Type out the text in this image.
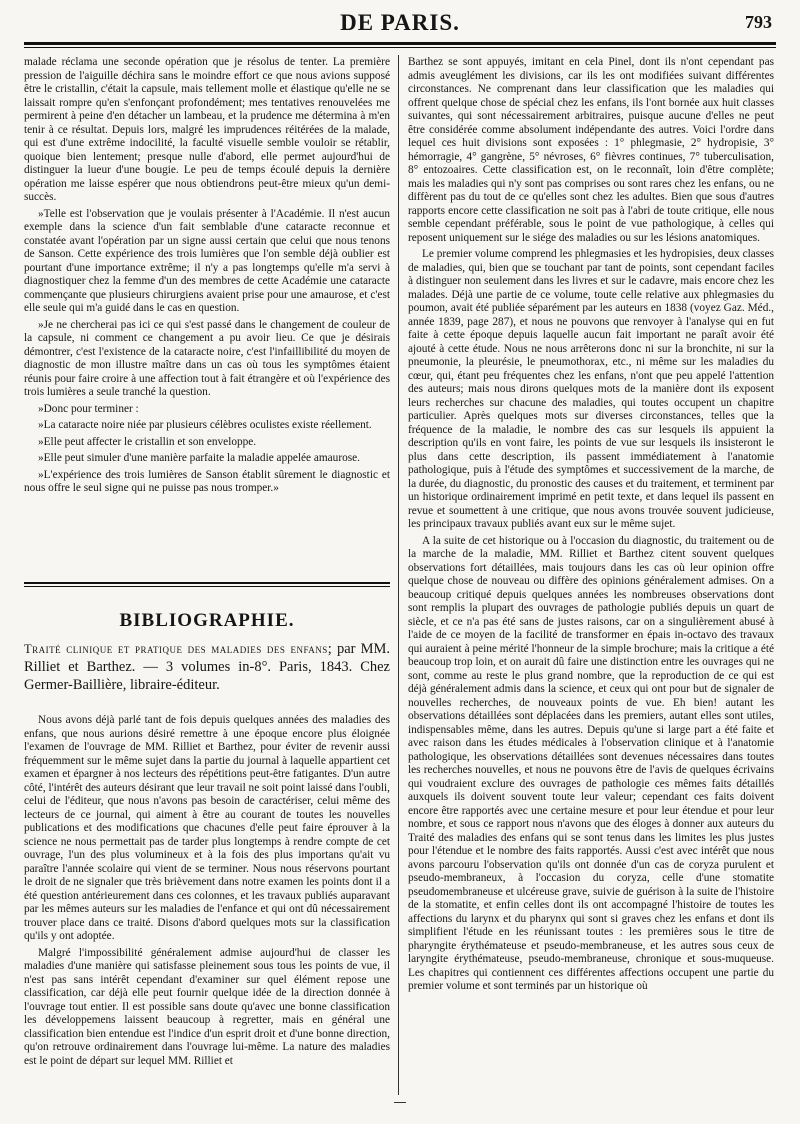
DE PARIS.	793

malade réclama une seconde opération que je résolus de tenter. La première pression de l'aiguille déchira sans le moindre effort ce que nous avions supposé être le cristallin, c'était la capsule, mais tellement molle et élastique qu'elle ne se laissait rompre qu'en s'enfonçant profondément; mes tentatives renouvelées me permirent à peine d'en détacher un lambeau, et la prudence me détermina à m'en tenir à ce résultat. Depuis lors, malgré les imprudences réitérées de la malade, qui est d'une extrême indocilité, la faculté visuelle semble vouloir se rétablir, quoique bien lentement; presque nulle d'abord, elle permet aujourd'hui de distinguer la lueur d'une bougie. Le peu de temps écoulé depuis la dernière opération me laisse espérer que nous obtiendrons peut-être mieux qu'un demi-succès.

»Telle est l'observation que je voulais présenter à l'Académie. Il n'est aucun exemple dans la science d'un fait semblable d'une cataracte reconnue et constatée avant l'opération par un signe aussi certain que celui que nous tenons de Sanson. Cette expérience des trois lumières que l'on semble déjà oublier est pourtant d'une importance extrême; il n'y a pas longtemps qu'elle m'a servi à diagnostiquer chez la femme d'un des membres de cette Académie une cataracte commençante que plusieurs chirurgiens avaient prise pour une amaurose, et c'est elle seule qui m'a guidé dans le cas en question.

»Je ne chercherai pas ici ce qui s'est passé dans le changement de couleur de la capsule, ni comment ce changement a pu avoir lieu. Ce que je désirais démontrer, c'est l'existence de la cataracte noire, c'est l'infaillibilité du moyen de diagnostic de mon illustre maître dans un cas où tous les symptômes étaient réunis pour faire croire à une affection tout à fait étrangère et où l'expérience des trois lumières a seule tranché la question.

»Donc pour terminer :

»La cataracte noire niée par plusieurs célèbres oculistes existe réellement.

»Elle peut affecter le cristallin et son enveloppe.

»Elle peut simuler d'une manière parfaite la maladie appelée amaurose.

»L'expérience des trois lumières de Sanson établit sûrement le diagnostic et nous offre le seul signe qui ne puisse pas nous tromper.»

BIBLIOGRAPHIE.
Traité clinique et pratique des maladies des enfans; par MM. Rilliet et Barthez. — 3 volumes in-8°. Paris, 1843. Chez Germer-Baillière, libraire-éditeur.

Nous avons déjà parlé tant de fois depuis quelques années des maladies des enfans, que nous aurions désiré remettre à une époque encore plus éloignée l'examen de l'ouvrage de MM. Rilliet et Barthez, pour éviter de revenir aussi fréquemment sur le même sujet dans la partie du journal à laquelle appartient cet examen et épargner à nos lecteurs des répétitions peut-être fatigantes. D'un autre côté, l'intérêt des auteurs désirant que leur travail ne soit point laissé dans l'oubli, celui de l'éditeur, que nous n'avons pas besoin de caractériser, celui même des lecteurs de ce journal, qui aiment à être au courant de toutes les nouvelles publications et des modifications que chacunes d'elle peut faire éprouver à la science ne nous permettait pas de tarder plus longtemps à rendre compte de cet ouvrage, l'un des plus volumineux et à la fois des plus importans qu'ait vu paraître l'année scolaire qui vient de se terminer. Nous nous réservons pourtant le droit de ne signaler que très brièvement dans notre examen les points dont il a été question antérieurement dans ces colonnes, et les travaux publiés auparavant par les mêmes auteurs sur les maladies de l'enfance et qui ont dû nécessairement trouver place dans ce traité. Disons d'abord quelques mots sur la classification qu'ils y ont adoptée.

Malgré l'impossibilité généralement admise aujourd'hui de classer les maladies d'une manière qui satisfasse pleinement sous tous les points de vue, il n'est pas sans intérêt cependant d'examiner sur quel élément repose une classification, car déjà elle peut fournir quelque idée de la direction donnée à l'ouvrage tout entier. Il est possible sans doute qu'avec une bonne classification les développemens laissent beaucoup à regretter, mais en général une classification bien entendue est l'indice d'un esprit droit et d'une bonne direction, qu'on retrouve ordinairement dans l'ouvrage lui-même. La nature des maladies est le point de départ sur lequel MM. Rilliet et

Barthez se sont appuyés, imitant en cela Pinel, dont ils n'ont cependant pas admis aveuglément les divisions, car ils les ont modifiées suivant différentes circonstances. Ne comprenant dans leur classification que les maladies qui offrent quelque chose de spécial chez les enfans, ils l'ont bornée aux huit classes suivantes, qui sont nécessairement arbitraires, puisque aucune d'elles ne peut être considérée comme absolument indépendante des autres. Voici l'ordre dans lequel ces huit divisions sont exposées : 1° phlegmasie, 2° hydropisie, 3° hémorragie, 4° gangrène, 5° névroses, 6° fièvres continues, 7° tuberculisation, 8° entozoaires. Cette classification est, on le reconnaît, loin d'être complète; mais les maladies qui n'y sont pas comprises ou sont rares chez les enfans, ou ne diffèrent pas du tout de ce qu'elles sont chez les adultes. Bien que sous d'autres rapports encore cette classification ne soit pas à l'abri de toute critique, elle nous semble cependant préférable, sous le point de vue pathologique, à celles qui reposent uniquement sur le siége des maladies ou sur les lésions anatomiques.

Le premier volume comprend les phlegmasies et les hydropisies, deux classes de maladies, qui, bien que se touchant par tant de points, sont cependant faciles à distinguer non seulement dans les livres et sur le cadavre, mais encore chez les malades. Déjà une partie de ce volume, toute celle relative aux phlegmasies du poumon, avait été publiée séparément par les auteurs en 1838 (voyez Gaz. Méd., année 1839, page 287), et nous ne pouvons que renvoyer à l'analyse qui en fut faite à cette époque depuis laquelle aucun fait important ne paraît avoir été ajouté à cette étude. Nous ne nous arrêterons donc ni sur la bronchite, ni sur la pneumonie, la pleurésie, le pneumothorax, etc., ni même sur les maladies du cœur, qui, étant peu fréquentes chez les enfans, n'ont que peu appelé l'attention des auteurs; mais nous dirons quelques mots de la manière dont ils exposent leurs recherches sur chacune des maladies, qui toutes occupent un chapitre particulier. Après quelques mots sur diverses circonstances, telles que la fréquence de la maladie, le nombre des cas sur lesquels ils appuient la description qu'ils en vont faire, les points de vue sur lesquels ils insisteront le plus dans cette description, ils passent immédiatement à l'anatomie pathologique, puis à l'étude des symptômes et successivement de la marche, de la durée, du diagnostic, du pronostic des causes et du traitement, et terminent par un historique ordinairement imprimé en petit texte, et dans lequel ils passent en revue et soumettent à une critique, que nous avons trouvée souvent judicieuse, les principaux travaux publiés avant eux sur le même sujet.

A la suite de cet historique ou à l'occasion du diagnostic, du traitement ou de la marche de la maladie, MM. Rilliet et Barthez citent souvent quelques observations fort détaillées, mais toujours dans les cas où leur opinion offre quelque chose de nouveau ou diffère des opinions généralement admises. On a beaucoup critiqué depuis quelques années les nombreuses observations dont sont remplis la plupart des ouvrages de pathologie publiés depuis un quart de siècle, et ce n'a pas été sans de justes raisons, car on a singulièrement abusé à l'aide de ce moyen de la facilité de transformer en épais in-octavo des travaux qui auraient à peine mérité l'honneur de la simple brochure; mais la critique a été beaucoup trop loin, et on aurait dû faire une distinction entre les ouvrages qui ne sont, comme au reste le plus grand nombre, que la reproduction de ce qui est déjà généralement admis dans la science, et ceux qui ont pour but de signaler de nouvelles recherches, de nouveaux points de vue. Eh bien! autant les observations détaillées sont déplacées dans les premiers, autant elles sont utiles, indispensables même, dans les autres. Depuis qu'une si large part a été faite et avec raison dans les études médicales à l'observation clinique et à l'anatomie pathologique, les observations détaillées sont devenues nécessaires dans toutes les recherches nouvelles, et nous ne pouvons être de l'avis de quelques écrivains qui voudraient exclure des ouvrages de pathologie ces mêmes faits détaillés auxquels ils doivent souvent toute leur valeur; cependant ces faits doivent encore être rapportés avec une certaine mesure et pour leur étendue et pour leur nombre, et sous ce rapport nous n'avons que des éloges à donner aux auteurs du Traité des maladies des enfans qui se sont tenus dans les limites les plus justes pour l'étendue et le nombre des faits rapportés. Aussi c'est avec intérêt que nous avons parcouru l'observation qu'ils ont donnée d'un cas de coryza purulent et pseudo-membraneux, à l'occasion du coryza, celle d'une stomatite pseudomembraneuse et ulcéreuse grave, suivie de guérison à la suite de l'histoire de la stomatite, et enfin celles dont ils ont accompagné l'histoire de toutes les affections du larynx et du pharynx qui sont si graves chez les enfans et dont ils simplifient l'étude en les réunissant toutes : les premières sous le titre de pharyngite érythémateuse et pseudo-membraneuse, et les autres sous ceux de laryngite érythémateuse, pseudo-membraneuse, chronique et sous-muqueuse. Les chapitres qui contiennent ces différentes affections occupent une partie du premier volume et sont terminés par un historique où
